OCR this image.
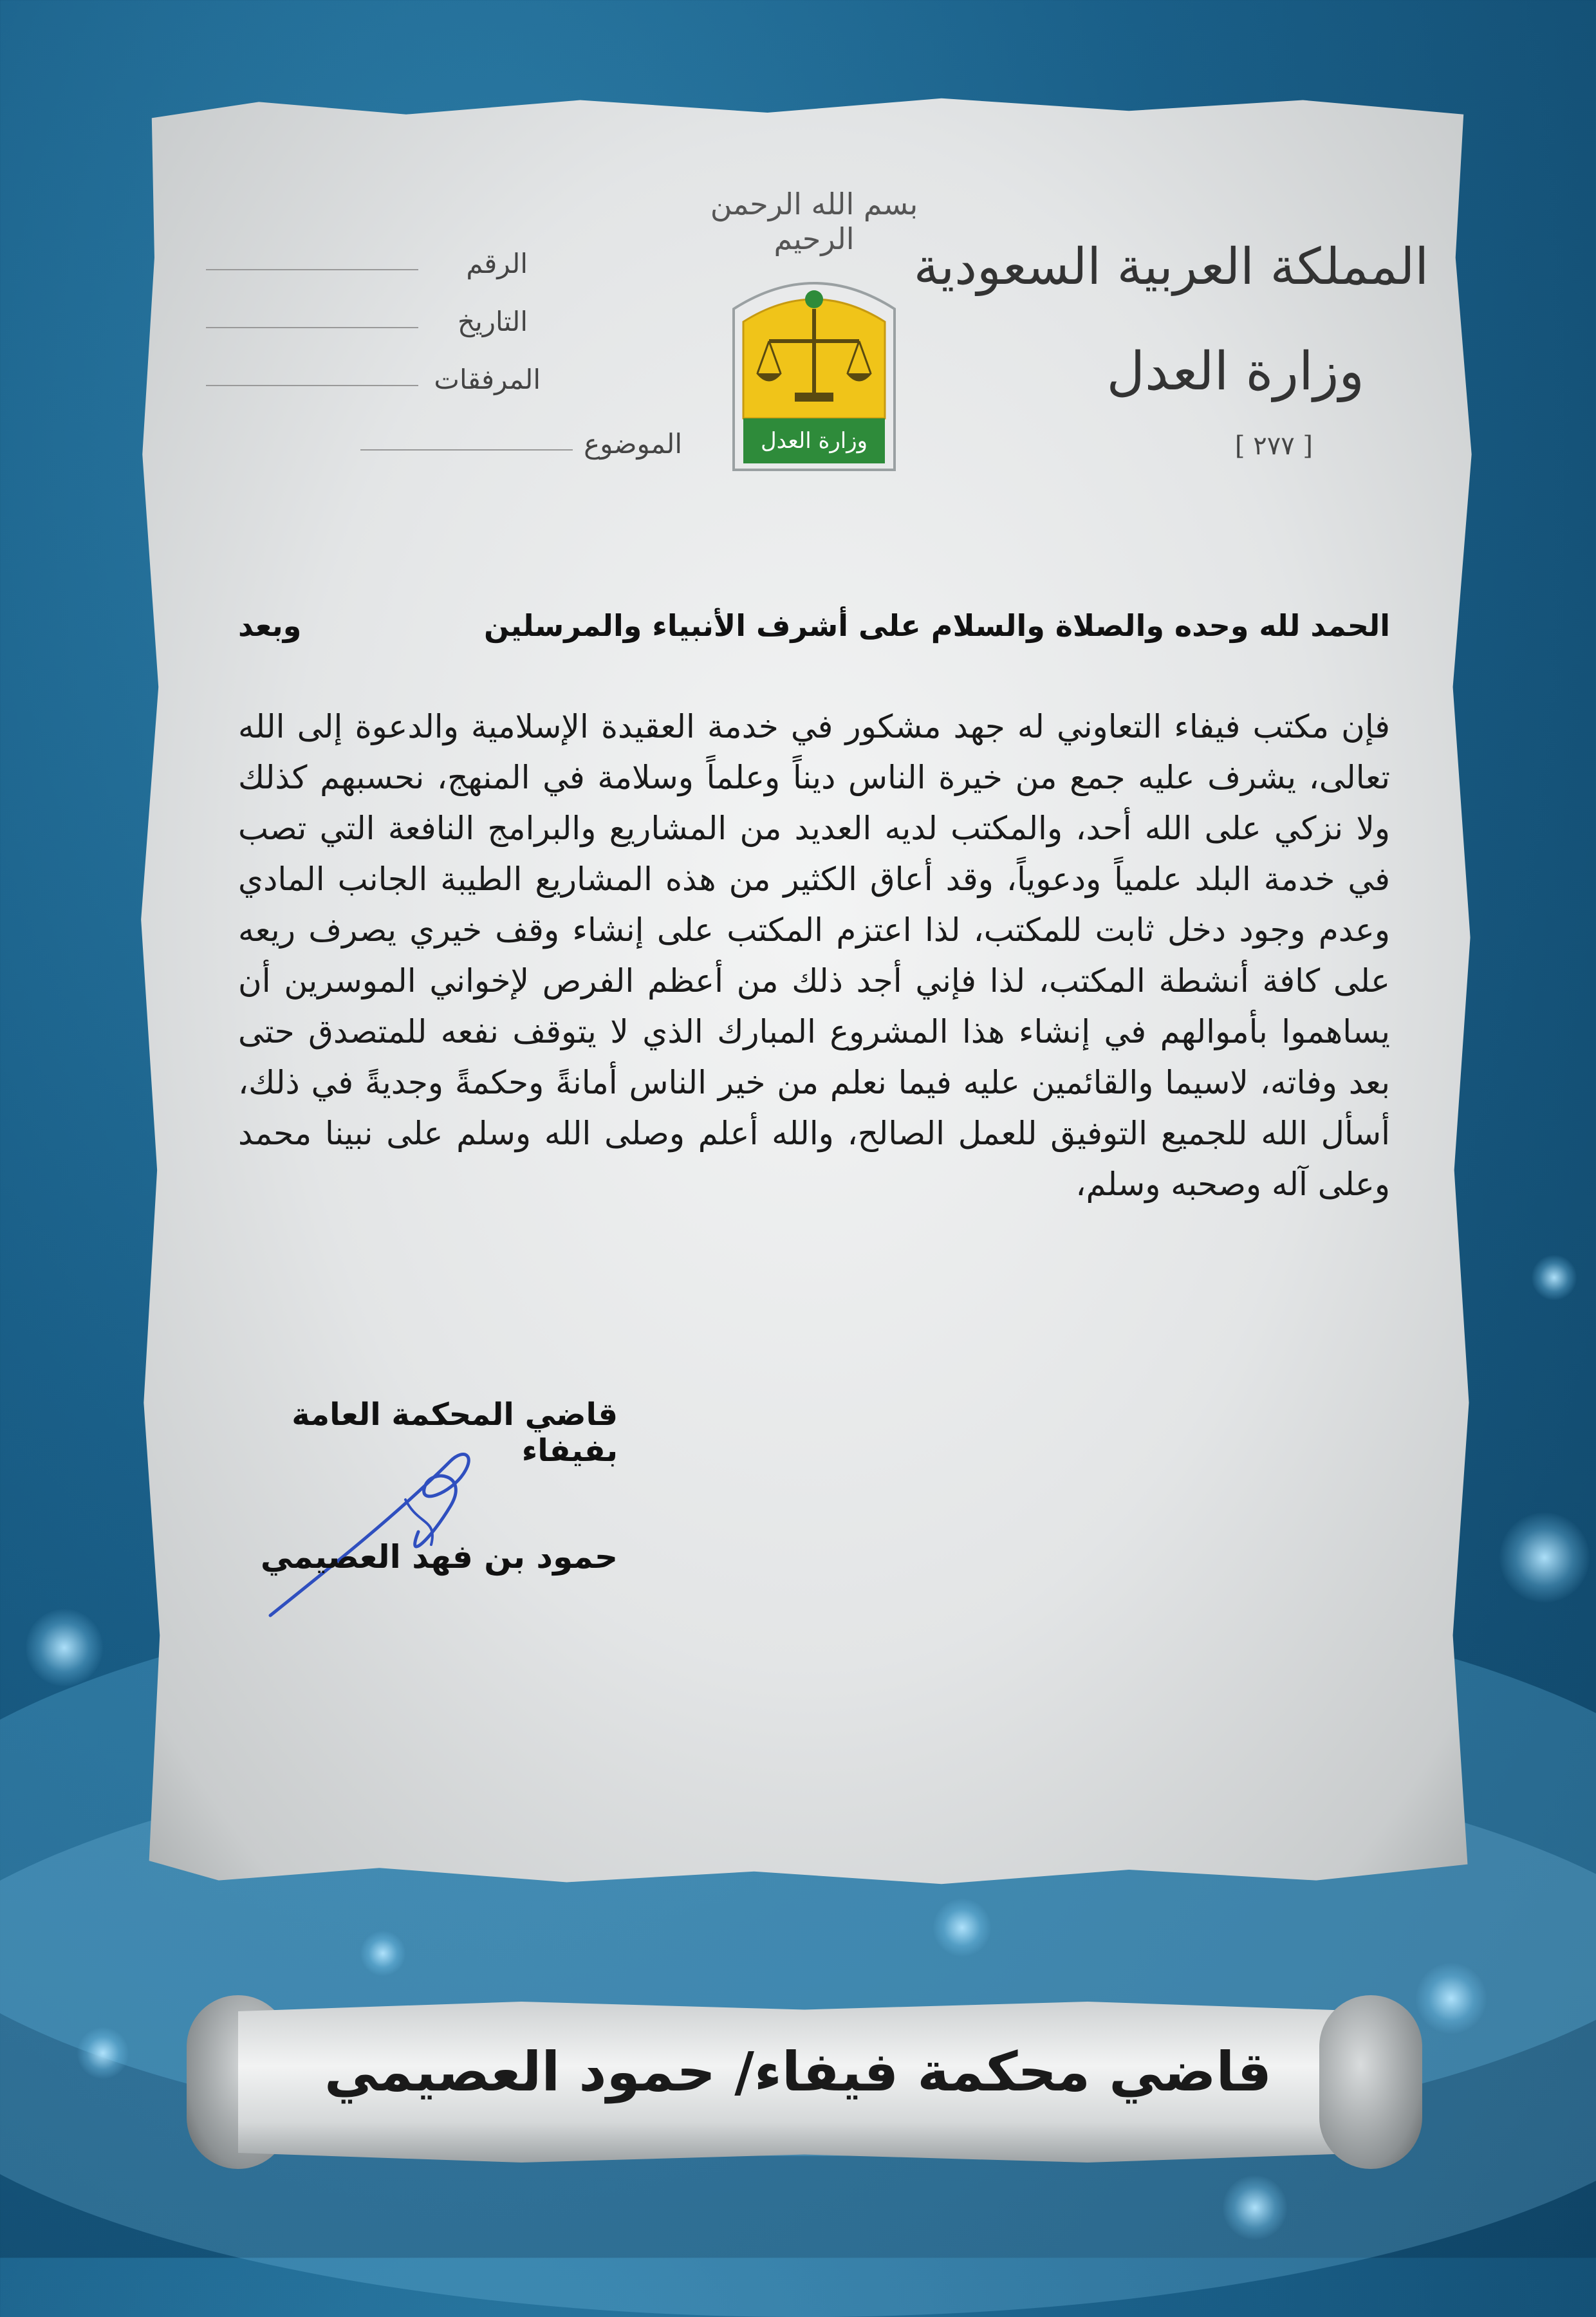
بسم الله الرحمن الرحيم	المملكة العربية السعودية
وزارة العدل
[ ٢٧٧ ]
وزارة العدل
الرقم
التاريخ
المرفقات
الموضوع
الحمد لله وحده والصلاة والسلام على أشرف الأنبياء والمرسلين
وبعد
فإن مكتب فيفاء التعاوني له جهد مشكور في خدمة العقيدة الإسلامية والدعوة إلى الله تعالى، يشرف عليه جمع من خيرة الناس ديناً وعلماً وسلامة في المنهج، نحسبهم كذلك ولا نزكي على الله أحد، والمكتب لديه العديد من المشاريع والبرامج النافعة التي تصب في خدمة البلد علمياً ودعوياً، وقد أعاق الكثير من هذه المشاريع الطيبة الجانب المادي وعدم وجود دخل ثابت للمكتب، لذا اعتزم المكتب على إنشاء وقف خيري يصرف ريعه على كافة أنشطة المكتب، لذا فإني أجد ذلك من أعظم الفرص لإخواني الموسرين أن يساهموا بأموالهم في إنشاء هذا المشروع المبارك الذي لا يتوقف نفعه للمتصدق حتى بعد وفاته، لاسيما والقائمين عليه فيما نعلم من خير الناس أمانةً وحكمةً وجديةً في ذلك، أسأل الله للجميع التوفيق للعمل الصالح، والله أعلم وصلى الله وسلم على نبينا محمد وعلى آله وصحبه وسلم،
قاضي المحكمة العامة بفيفاء
حمود بن فهد العصيمي
قاضي محكمة فيفاء/ حمود العصيمي
